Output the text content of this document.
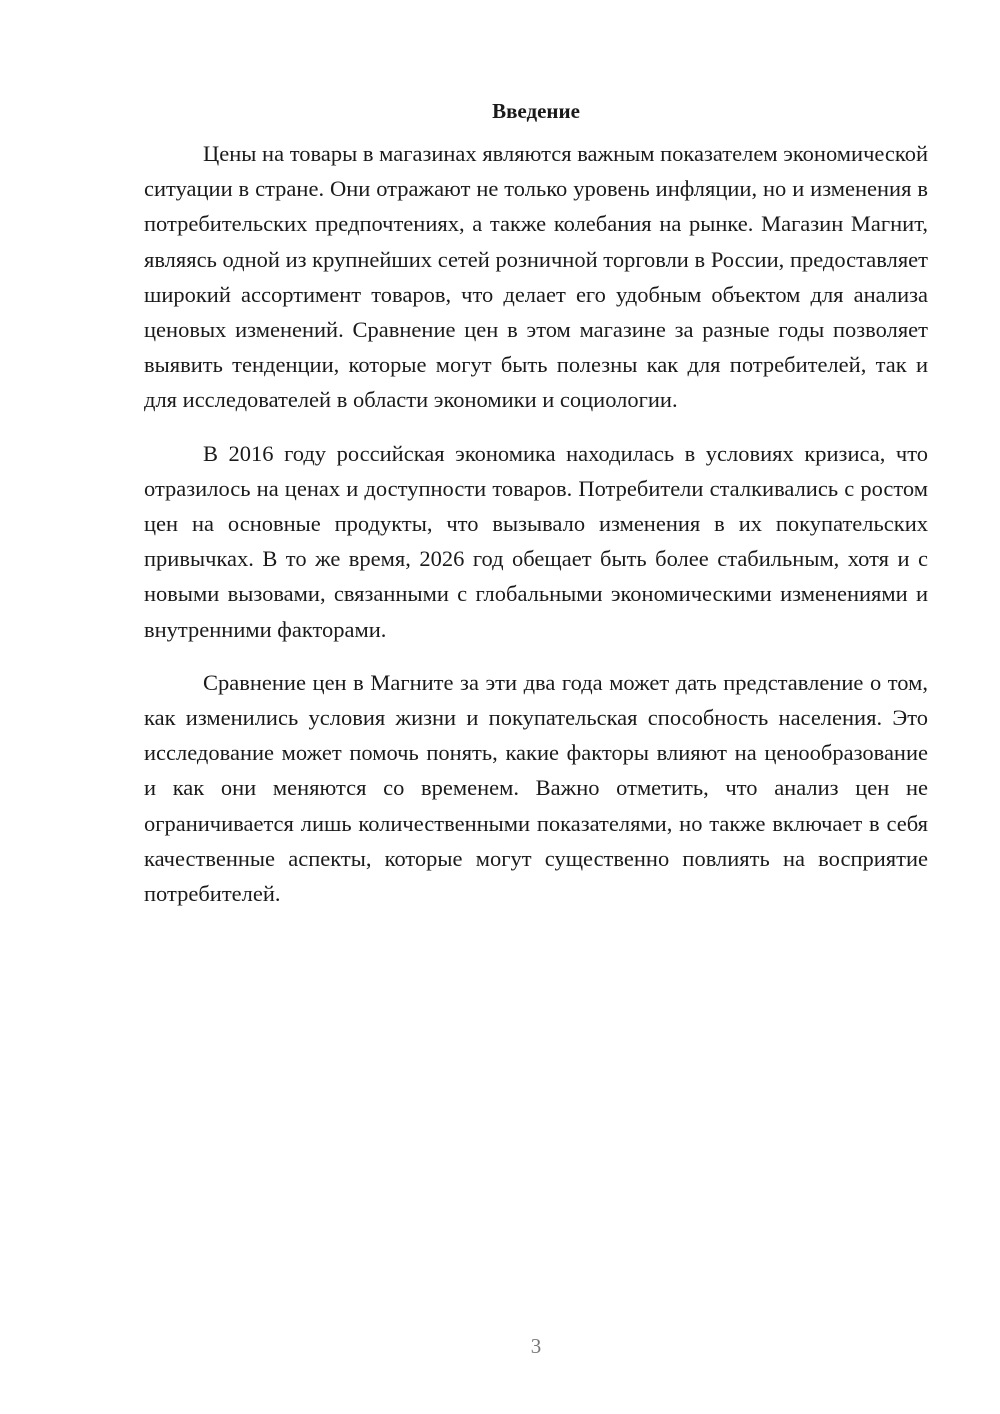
Введение

Цены на товары в магазинах являются важным показателем экономической ситуации в стране. Они отражают не только уровень инфляции, но и изменения в потребительских предпочтениях, а также колебания на рынке. Магазин Магнит, являясь одной из крупнейших сетей розничной торговли в России, предоставляет широкий ассортимент товаров, что делает его удобным объектом для анализа ценовых изменений. Сравнение цен в этом магазине за разные годы позволяет выявить тенденции, которые могут быть полезны как для потребителей, так и для исследователей в области экономики и социологии.

В 2016 году российская экономика находилась в условиях кризиса, что отразилось на ценах и доступности товаров. Потребители сталкивались с ростом цен на основные продукты, что вызывало изменения в их покупательских привычках. В то же время, 2026 год обещает быть более стабильным, хотя и с новыми вызовами, связанными с глобальными экономическими изменениями и внутренними факторами.

Сравнение цен в Магните за эти два года может дать представление о том, как изменились условия жизни и покупательская способность населения. Это исследование может помочь понять, какие факторы влияют на ценообразование и как они меняются со временем. Важно отметить, что анализ цен не ограничивается лишь количественными показателями, но также включает в себя качественные аспекты, которые могут существенно повлиять на восприятие потребителей.

3
